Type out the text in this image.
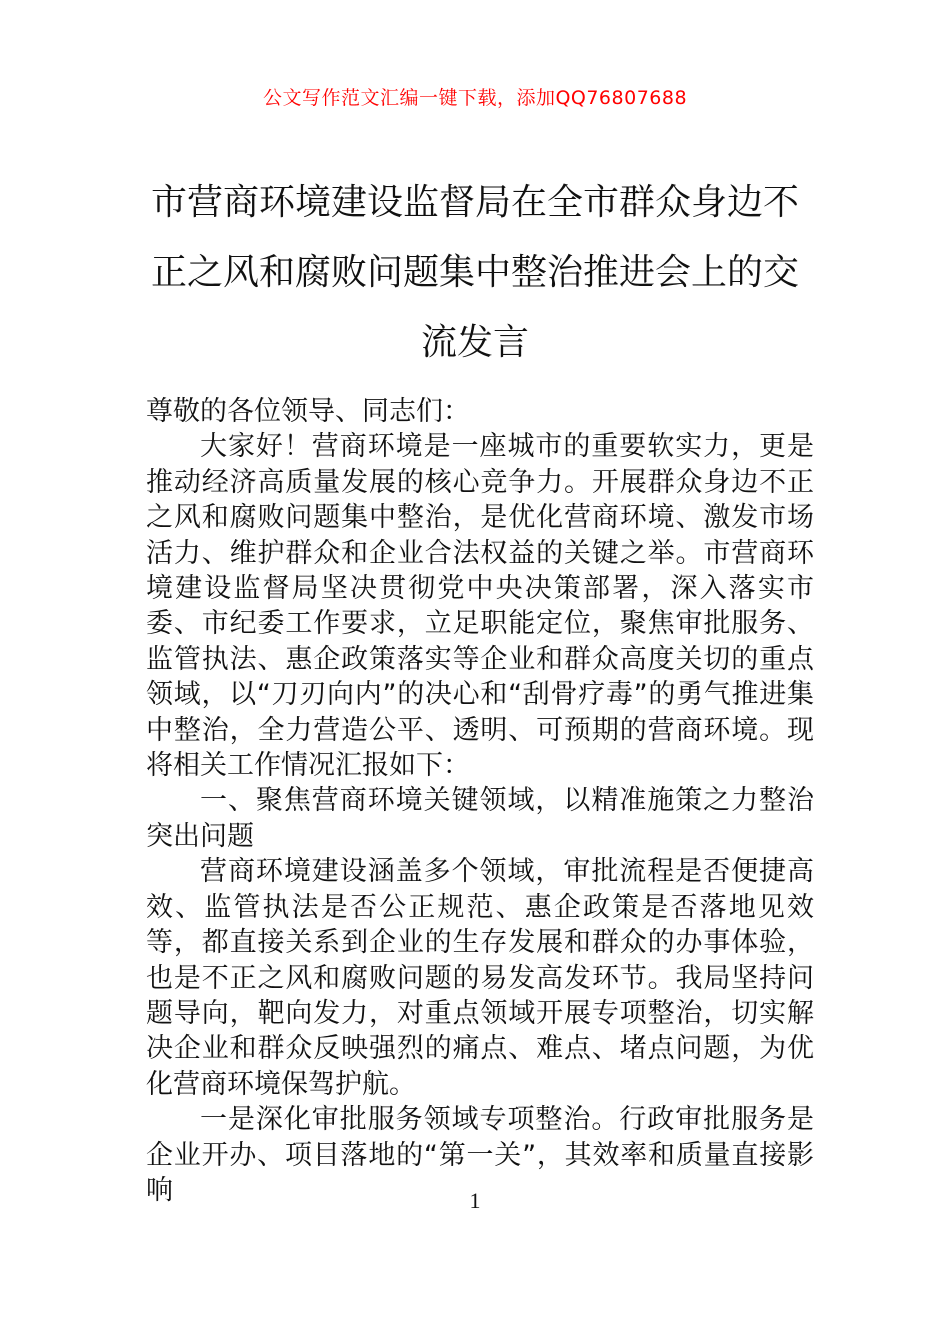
公文写作范文汇编一键下载，添加QQ76807688
市营商环境建设监督局在全市群众身边不正之风和腐败问题集中整治推进会上的交流发言

尊敬的各位领导、同志们：

大家好！营商环境是一座城市的重要软实力，更是推动经济高质量发展的核心竞争力。开展群众身边不正之风和腐败问题集中整治，是优化营商环境、激发市场活力、维护群众和企业合法权益的关键之举。市营商环境建设监督局坚决贯彻党中央决策部署，深入落实市委、市纪委工作要求，立足职能定位，聚焦审批服务、监管执法、惠企政策落实等企业和群众高度关切的重点领域，以“刀刃向内”的决心和“刮骨疗毒”的勇气推进集中整治，全力营造公平、透明、可预期的营商环境。现将相关工作情况汇报如下：

一、聚焦营商环境关键领域，以精准施策之力整治突出问题

营商环境建设涵盖多个领域，审批流程是否便捷高效、监管执法是否公正规范、惠企政策是否落地见效等，都直接关系到企业的生存发展和群众的办事体验，也是不正之风和腐败问题的易发高发环节。我局坚持问题导向，靶向发力，对重点领域开展专项整治，切实解决企业和群众反映强烈的痛点、难点、堵点问题，为优化营商环境保驾护航。

一是深化审批服务领域专项整治。行政审批服务是企业开办、项目落地的“第一关”，其效率和质量直接影响	1
